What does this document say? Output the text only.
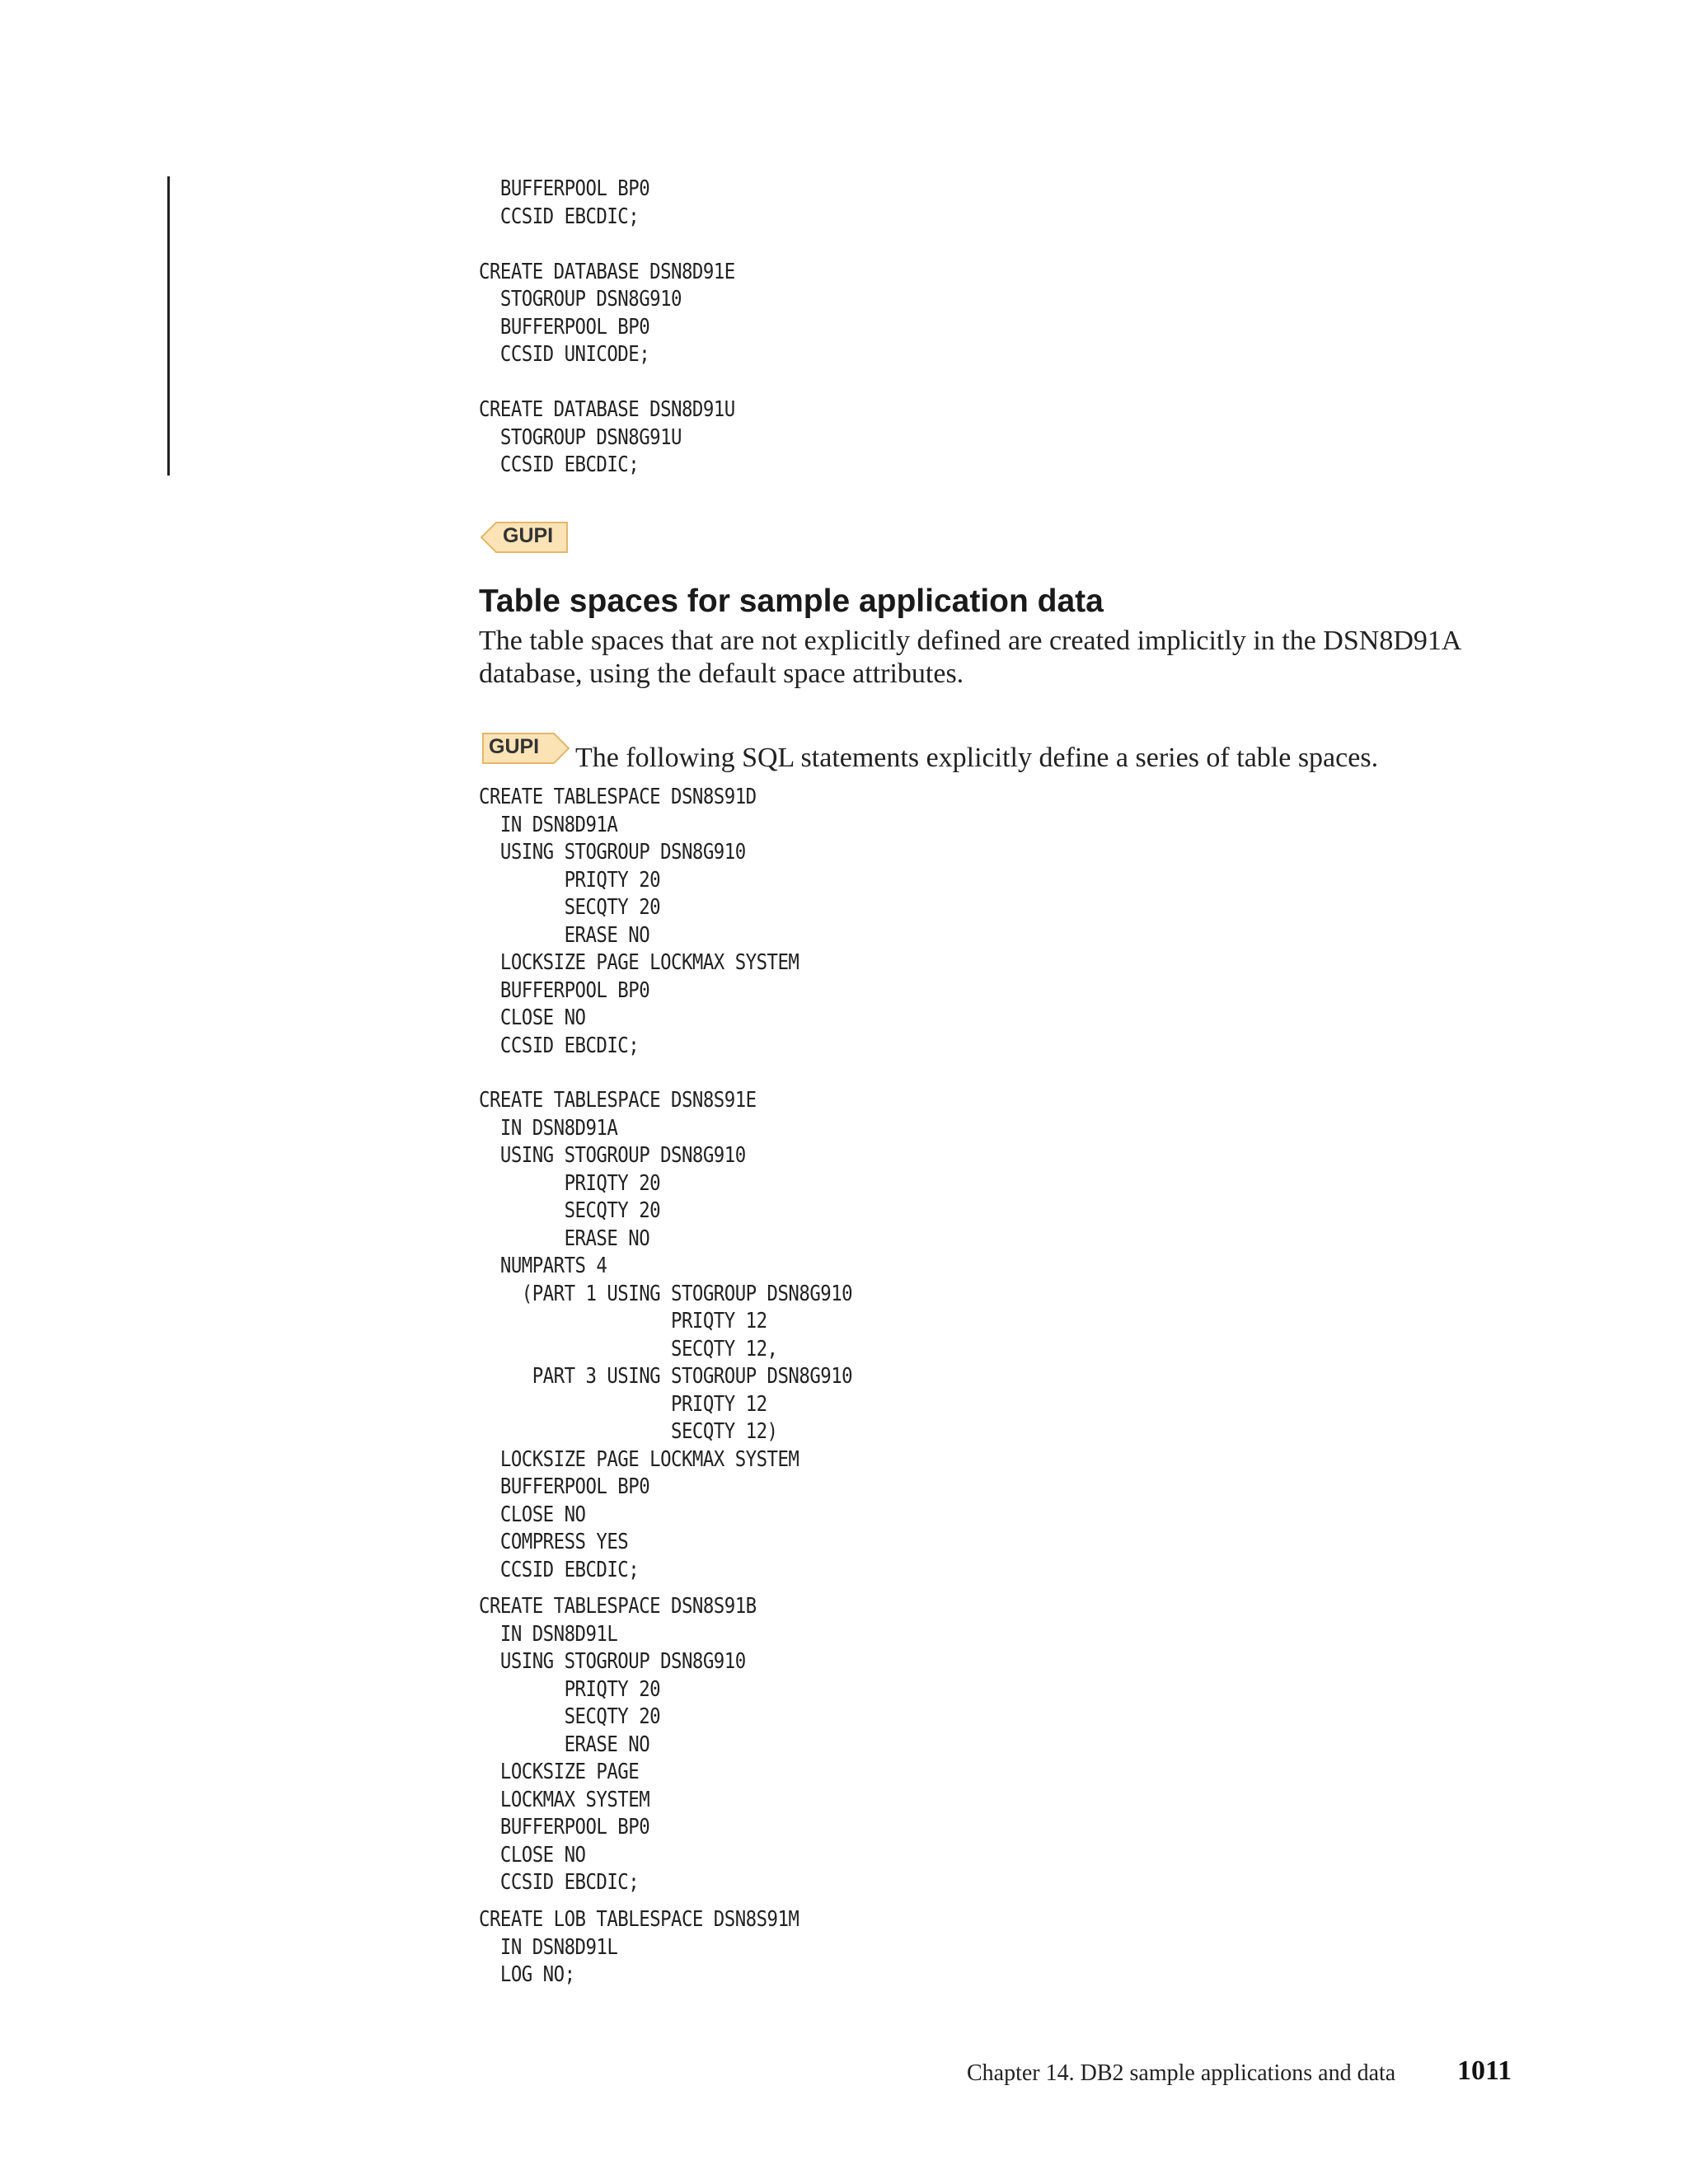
BUFFERPOOL BP0
CCSID EBCDIC;

CREATE DATABASE DSN8D91E
STOGROUP DSN8G910
BUFFERPOOL BP0
CCSID UNICODE;

CREATE DATABASE DSN8D91U
STOGROUP DSN8G91U
CCSID EBCDIC;
GUPI
Table spaces for sample application data

The table spaces that are not explicitly defined are created implicitly in the DSN8D91A database, using the default space attributes.

GUPI The following SQL statements explicitly define a series of table spaces.

CREATE TABLESPACE DSN8S91D
IN DSN8D91A
USING STOGROUP DSN8G910
PRIQTY 20
SECQTY 20
ERASE NO
LOCKSIZE PAGE LOCKMAX SYSTEM
BUFFERPOOL BP0
CLOSE NO
CCSID EBCDIC;
CREATE TABLESPACE DSN8S91E
IN DSN8D91A
USING STOGROUP DSN8G910
PRIQTY 20
SECQTY 20
ERASE NO
NUMPARTS 4
(PART 1 USING STOGROUP DSN8G910
PRIQTY 12
SECQTY 12,
PART 3 USING STOGROUP DSN8G910
PRIQTY 12
SECQTY 12)
LOCKSIZE PAGE LOCKMAX SYSTEM
BUFFERPOOL BP0
CLOSE NO
COMPRESS YES
CCSID EBCDIC;
CREATE TABLESPACE DSN8S91B
IN DSN8D91L
USING STOGROUP DSN8G910
PRIQTY 20
SECQTY 20
ERASE NO
LOCKSIZE PAGE
LOCKMAX SYSTEM
BUFFERPOOL BP0
CLOSE NO
CCSID EBCDIC;
CREATE LOB TABLESPACE DSN8S91M
IN DSN8D91L
LOG NO;
Chapter 14. DB2 sample applications and data 1011
